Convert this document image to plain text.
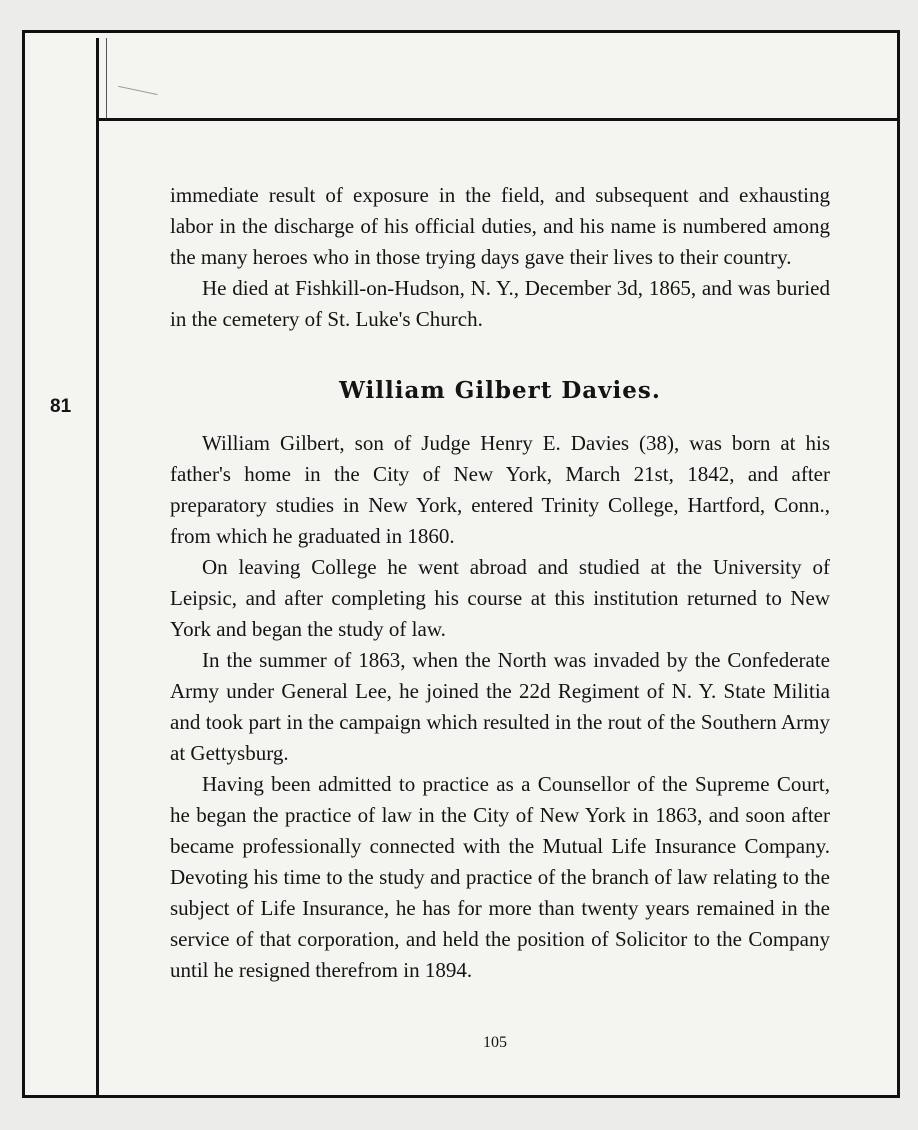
81

immediate result of exposure in the field, and subsequent and exhausting labor in the discharge of his official duties, and his name is numbered among the many heroes who in those trying days gave their lives to their country.

He died at Fishkill-on-Hudson, N. Y., December 3d, 1865, and was buried in the cemetery of St. Luke's Church.

William Gilbert Davies.

William Gilbert, son of Judge Henry E. Davies (38), was born at his father's home in the City of New York, March 21st, 1842, and after preparatory studies in New York, entered Trinity College, Hartford, Conn., from which he graduated in 1860.

On leaving College he went abroad and studied at the University of Leipsic, and after completing his course at this institution returned to New York and began the study of law.

In the summer of 1863, when the North was invaded by the Confederate Army under General Lee, he joined the 22d Regiment of N. Y. State Militia and took part in the campaign which resulted in the rout of the Southern Army at Gettysburg.

Having been admitted to practice as a Counsellor of the Supreme Court, he began the practice of law in the City of New York in 1863, and soon after became professionally connected with the Mutual Life Insurance Company. Devoting his time to the study and practice of the branch of law relating to the subject of Life Insurance, he has for more than twenty years remained in the service of that corporation, and held the position of Solicitor to the Company until he resigned therefrom in 1894.

105
